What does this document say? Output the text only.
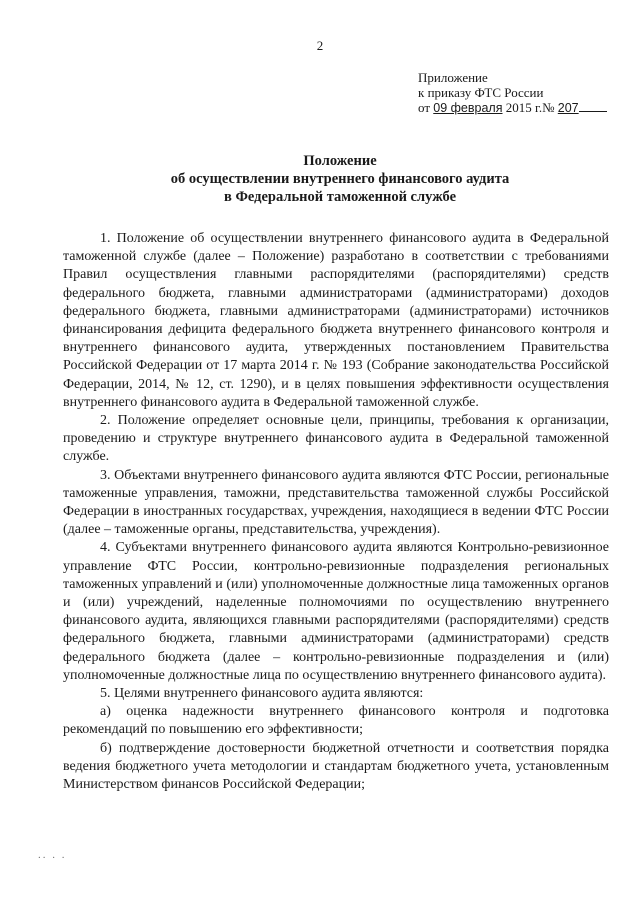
2
Приложение
к приказу ФТС России
от 09 февраля 2015 г.№ 207
Положение
об осуществлении внутреннего финансового аудита
в Федеральной таможенной службе

1. Положение об осуществлении внутреннего финансового аудита в Федеральной таможенной службе (далее – Положение) разработано в соответствии с требованиями Правил осуществления главными распорядителями (распорядителями) средств федерального бюджета, главными администраторами (администраторами) доходов федерального бюджета, главными администраторами (администраторами) источников финансирования дефицита федерального бюджета внутреннего финансового контроля и внутреннего финансового аудита, утвержденных постановлением Правительства Российской Федерации от 17 марта 2014 г. № 193 (Собрание законодательства Российской Федерации, 2014, № 12, ст. 1290), и в целях повышения эффективности осуществления внутреннего финансового аудита в Федеральной таможенной службе.

2. Положение определяет основные цели, принципы, требования к организации, проведению и структуре внутреннего финансового аудита в Федеральной таможенной службе.

3. Объектами внутреннего финансового аудита являются ФТС России, региональные таможенные управления, таможни, представительства таможенной службы Российской Федерации в иностранных государствах, учреждения, находящиеся в ведении ФТС России (далее – таможенные органы, представительства, учреждения).

4. Субъектами внутреннего финансового аудита являются Контрольно-ревизионное управление ФТС России, контрольно-ревизионные подразделения региональных таможенных управлений и (или) уполномоченные должностные лица таможенных органов и (или) учреждений, наделенные полномочиями по осуществлению внутреннего финансового аудита, являющихся главными распорядителями (распорядителями) средств федерального бюджета, главными администраторами (администраторами) средств федерального бюджета (далее – контрольно-ревизионные подразделения и (или) уполномоченные должностные лица по осуществлению внутреннего финансового аудита).

5. Целями внутреннего финансового аудита являются:

а) оценка надежности внутреннего финансового контроля и подготовка рекомендаций по повышению его эффективности;

б) подтверждение достоверности бюджетной отчетности и соответствия порядка ведения бюджетного учета методологии и стандартам бюджетного учета, установленным Министерством финансов Российской Федерации;

∙∙ ∙ ∙
